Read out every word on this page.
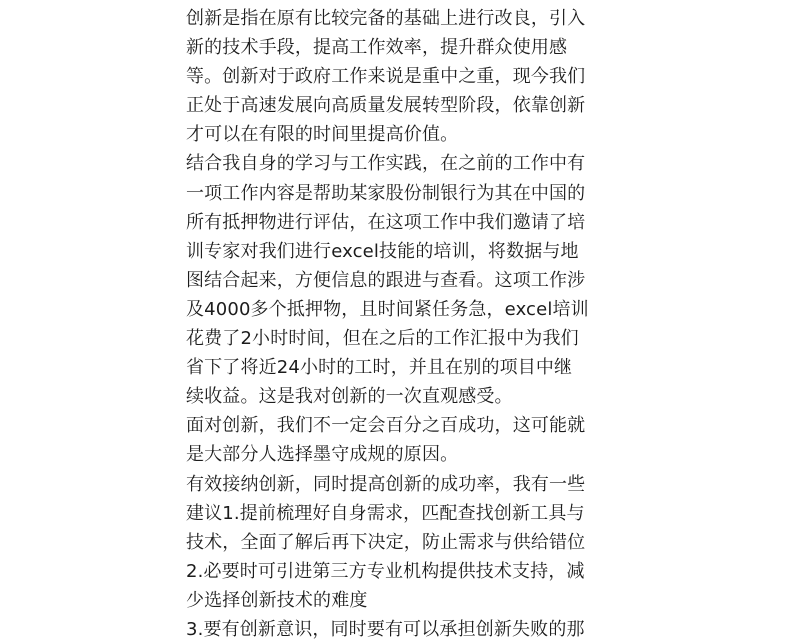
创新是指在原有比较完备的基础上进行改良，引入
新的技术手段，提高工作效率，提升群众使用感
等。创新对于政府工作来说是重中之重，现今我们
正处于高速发展向高质量发展转型阶段，依靠创新
才可以在有限的时间里提高价值。
结合我自身的学习与工作实践，在之前的工作中有
一项工作内容是帮助某家股份制银行为其在中国的
所有抵押物进行评估，在这项工作中我们邀请了培
训专家对我们进行excel技能的培训，将数据与地
图结合起来，方便信息的跟进与查看。这项工作涉
及4000多个抵押物，且时间紧任务急，excel培训
花费了2小时时间，但在之后的工作汇报中为我们
省下了将近24小时的工时，并且在别的项目中继
续收益。这是我对创新的一次直观感受。
面对创新，我们不一定会百分之百成功，这可能就
是大部分人选择墨守成规的原因。
有效接纳创新，同时提高创新的成功率，我有一些
建议1.提前梳理好自身需求，匹配查找创新工具与
技术，全面了解后再下决定，防止需求与供给错位
2.必要时可引进第三方专业机构提供技术支持，减
少选择创新技术的难度
3.要有创新意识，同时要有可以承担创新失败的那
